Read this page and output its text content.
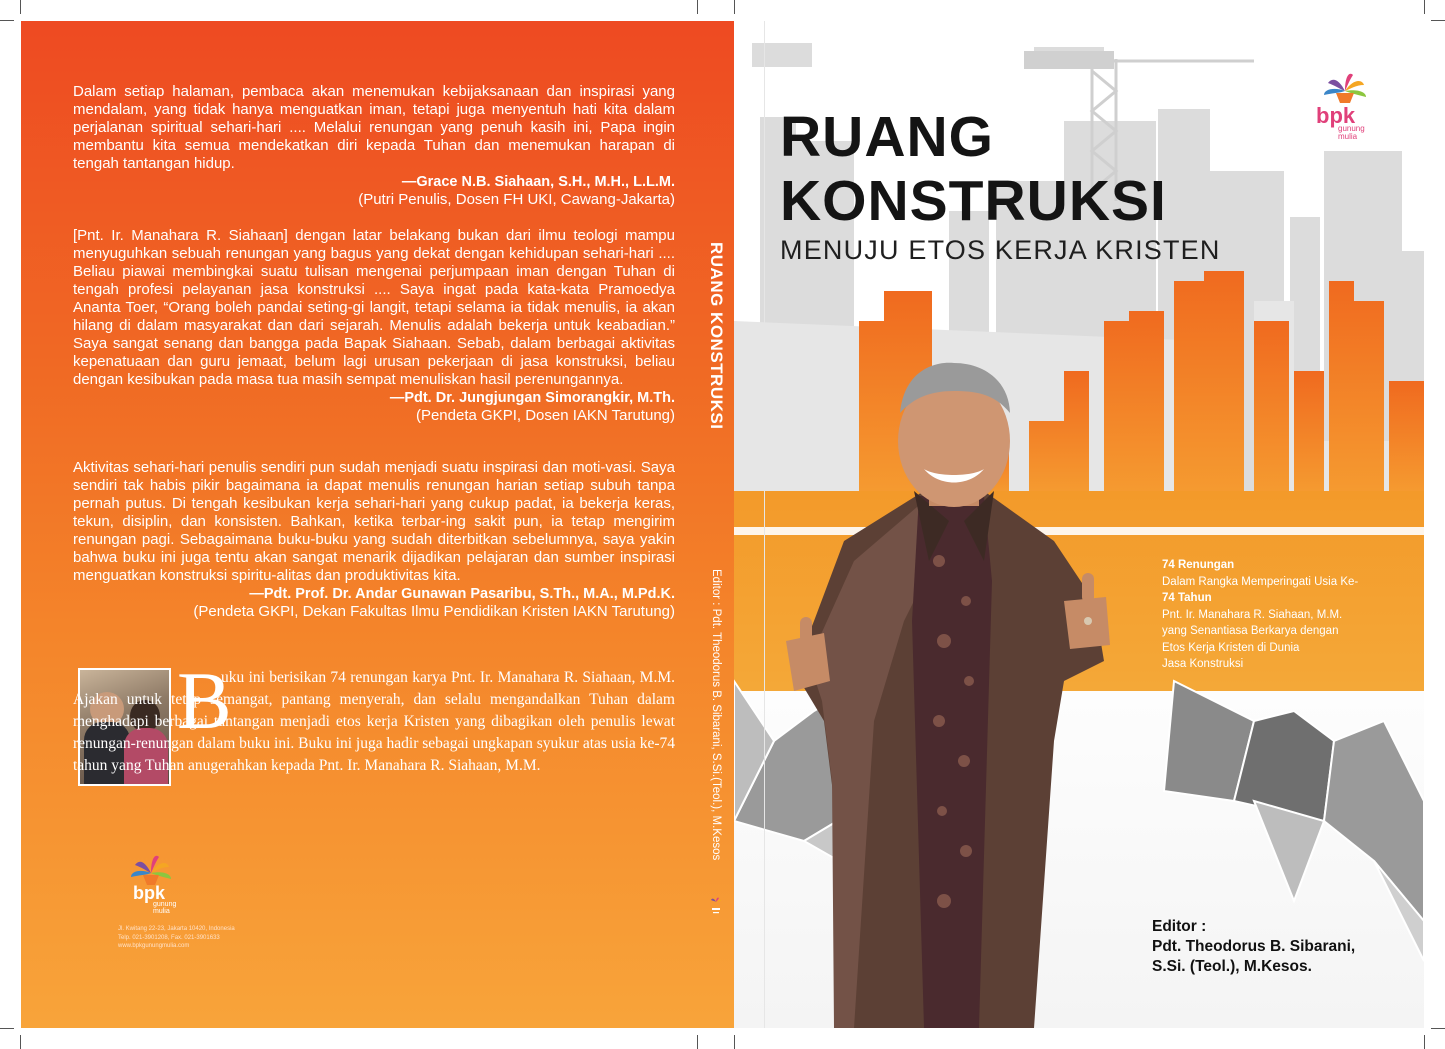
Dalam setiap halaman, pembaca akan menemukan kebijaksanaan dan inspirasi yang mendalam, yang tidak hanya menguatkan iman, tetapi juga menyentuh hati kita dalam perjalanan spiritual sehari-hari .... Melalui renungan yang penuh kasih ini, Papa ingin membantu kita semua mendekatkan diri kepada Tuhan dan menemukan harapan di tengah tantangan hidup.

—Grace N.B. Siahaan, S.H., M.H., L.L.M.

(Putri Penulis, Dosen FH UKI, Cawang-Jakarta)

[Pnt. Ir. Manahara R. Siahaan] dengan latar belakang bukan dari ilmu teologi mampu menyuguhkan sebuah renungan yang bagus yang dekat dengan kehidupan sehari-hari .... Beliau piawai membingkai suatu tulisan mengenai perjumpaan iman dengan Tuhan di tengah profesi pelayanan jasa konstruksi .... Saya ingat pada kata-kata Pramoedya Ananta Toer, “Orang boleh pandai seting-gi langit, tetapi selama ia tidak menulis, ia akan hilang di dalam masyarakat dan dari sejarah. Menulis adalah bekerja untuk keabadian.” Saya sangat senang dan bangga pada Bapak Siahaan. Sebab, dalam berbagai aktivitas kepenatuaan dan guru jemaat, belum lagi urusan pekerjaan di jasa konstruksi, beliau dengan kesibukan pada masa tua masih sempat menuliskan hasil perenungannya.

—Pdt. Dr. Jungjungan Simorangkir, M.Th.

(Pendeta GKPI, Dosen IAKN Tarutung)

Aktivitas sehari-hari penulis sendiri pun sudah menjadi suatu inspirasi dan moti-vasi. Saya sendiri tak habis pikir bagaimana ia dapat menulis renungan harian setiap subuh tanpa pernah putus. Di tengah kesibukan kerja sehari-hari yang cukup padat, ia bekerja keras, tekun, disiplin, dan konsisten. Bahkan, ketika terbar-ing sakit pun, ia tetap mengirim renungan pagi. Sebagaimana buku-buku yang sudah diterbitkan sebelumnya, saya yakin bahwa buku ini juga tentu akan sangat menarik dijadikan pelajaran dan sumber inspirasi menguatkan konstruksi spiritu-alitas dan produktivitas kita.

—Pdt. Prof. Dr. Andar Gunawan Pasaribu, S.Th., M.A., M.Pd.K.

(Pendeta GKPI, Dekan Fakultas Ilmu Pendidikan Kristen IAKN Tarutung)

B

uku ini berisikan 74 renungan karya Pnt. Ir. Manahara R. Siahaan, M.M. Ajakan untuk tetap semangat, pantang menyerah, dan selalu mengandalkan Tuhan dalam menghadapi berbagai tantangan menjadi etos kerja Kristen yang dibagikan oleh penulis lewat renungan-renungan dalam buku ini. Buku ini juga hadir sebagai ungkapan syukur atas usia ke-74 tahun yang Tuhan anugerahkan kepada Pnt. Ir. Manahara R. Siahaan, M.M.

bpk
gunung
mulia
Jl. Kwitang 22-23, Jakarta 10420, Indonesia
Telp. 021-3901208, Fax. 021-3901633
www.bpkgunungmulia.com
RUANG KONSTRUKSI
Editor : Pdt. Theodorus B. Sibarani, S.Si.(Teol.), M.Kesos
RUANG
KONSTRUKSI
MENUJU ETOS KERJA KRISTEN
bpk
gunung
mulia
74 Renungan
Dalam Rangka Memperingati Usia Ke-
74 Tahun
Pnt. Ir. Manahara R. Siahaan, M.M.
yang Senantiasa Berkarya dengan
Etos Kerja Kristen di Dunia
Jasa Konstruksi
Editor :
Pdt. Theodorus B. Sibarani,
S.Si. (Teol.), M.Kesos.
